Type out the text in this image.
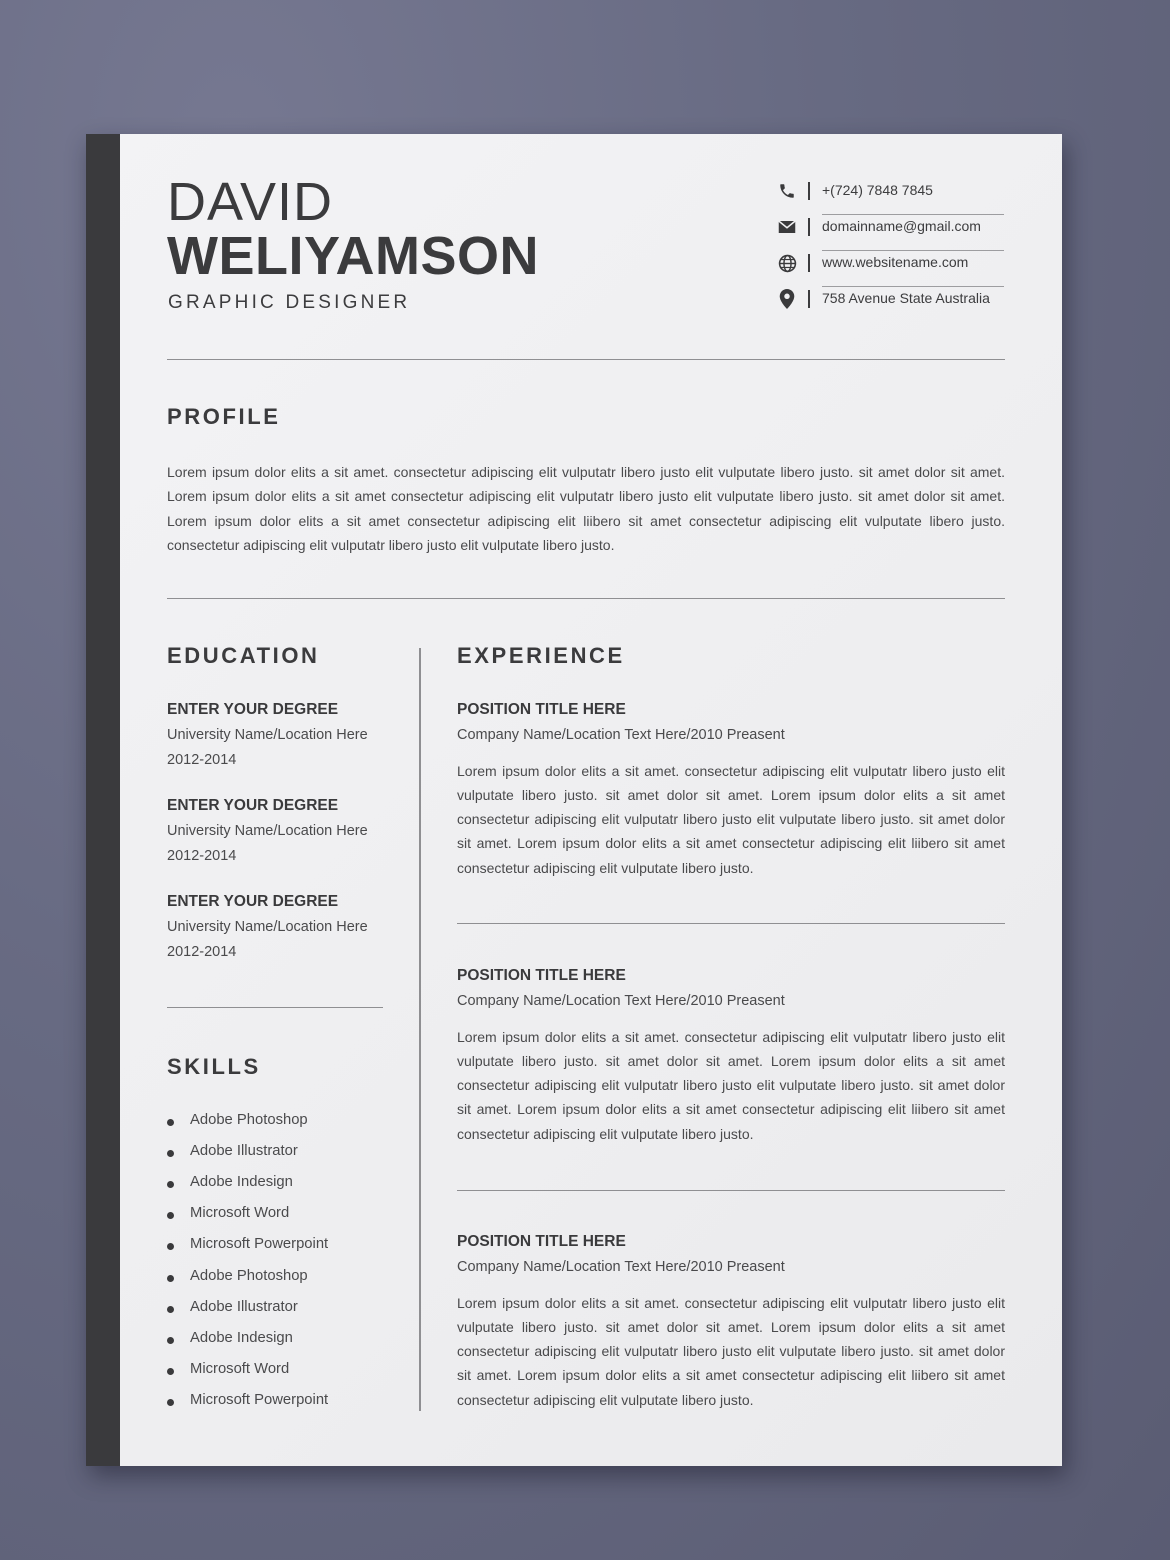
DAVID
WELIYAMSON
GRAPHIC DESIGNER
+(724) 7848 7845
domainname@gmail.com
www.websitename.com
758 Avenue State Australia
PROFILE
Lorem ipsum dolor elits a sit amet. consectetur adipiscing elit vulputatr libero justo elit vulputate libero justo. sit amet dolor sit amet. Lorem ipsum dolor elits a sit amet consectetur adipiscing elit vulputatr libero justo elit vulputate libero justo. sit amet dolor sit amet. Lorem ipsum dolor elits a sit amet consectetur adipiscing elit liibero sit amet consectetur adipiscing elit vulputate libero justo. consectetur adipiscing elit vulputatr libero justo elit vulputate libero justo.
EDUCATION
ENTER YOUR DEGREE
University Name/Location Here
2012-2014
ENTER YOUR DEGREE
University Name/Location Here
2012-2014
ENTER YOUR DEGREE
University Name/Location Here
2012-2014
SKILLS
Adobe Photoshop
Adobe Illustrator
Adobe Indesign
Microsoft Word
Microsoft Powerpoint
Adobe Photoshop
Adobe Illustrator
Adobe Indesign
Microsoft Word
Microsoft Powerpoint
EXPERIENCE
POSITION TITLE HERE
Company Name/Location Text Here/2010 Preasent
Lorem ipsum dolor elits a sit amet. consectetur adipiscing elit vulputatr libero justo elit vulputate libero justo. sit amet dolor sit amet. Lorem ipsum dolor elits a sit amet consectetur adipiscing elit vulputatr libero justo elit vulputate libero justo. sit amet dolor sit amet. Lorem ipsum dolor elits a sit amet consectetur adipiscing elit liibero sit amet consectetur adipiscing elit vulputate libero justo.
POSITION TITLE HERE
Company Name/Location Text Here/2010 Preasent
Lorem ipsum dolor elits a sit amet. consectetur adipiscing elit vulputatr libero justo elit vulputate libero justo. sit amet dolor sit amet. Lorem ipsum dolor elits a sit amet consectetur adipiscing elit vulputatr libero justo elit vulputate libero justo. sit amet dolor sit amet. Lorem ipsum dolor elits a sit amet consectetur adipiscing elit liibero sit amet consectetur adipiscing elit vulputate libero justo.
POSITION TITLE HERE
Company Name/Location Text Here/2010 Preasent
Lorem ipsum dolor elits a sit amet. consectetur adipiscing elit vulputatr libero justo elit vulputate libero justo. sit amet dolor sit amet. Lorem ipsum dolor elits a sit amet consectetur adipiscing elit vulputatr libero justo elit vulputate libero justo. sit amet dolor sit amet. Lorem ipsum dolor elits a sit amet consectetur adipiscing elit liibero sit amet consectetur adipiscing elit vulputate libero justo.
